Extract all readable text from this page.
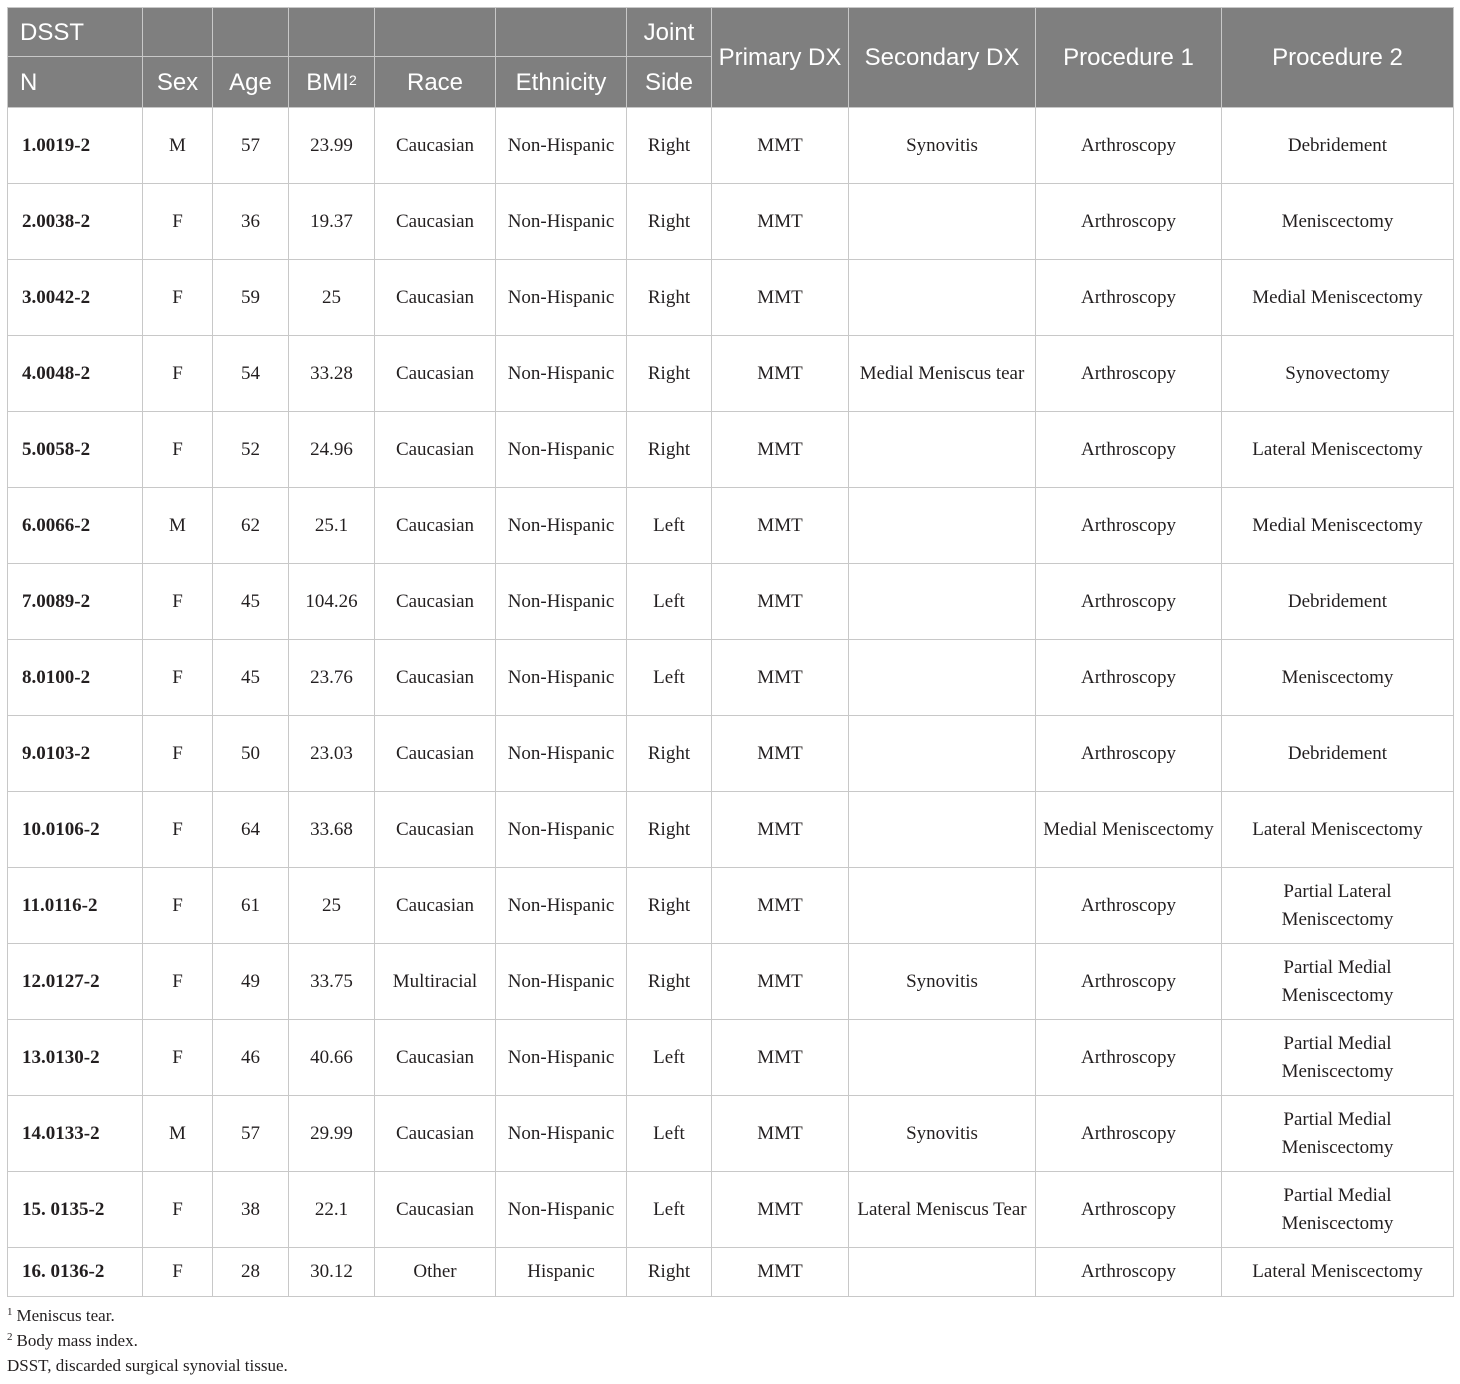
DSST						Joint	Primary DX	Secondary DX	Procedure 1	Procedure 2
N	Sex	Age	BMI$^2$	Race	Ethnicity	Side				
1.0019-2	M	57	23.99	Caucasian	Non-Hispanic	Right	MMT	Synovitis	Arthroscopy	Debridement
2.0038-2	F	36	19.37	Caucasian	Non-Hispanic	Right	MMT		Arthroscopy	Meniscectomy
3.0042-2	F	59	25	Caucasian	Non-Hispanic	Right	MMT		Arthroscopy	Medial Meniscectomy
4.0048-2	F	54	33.28	Caucasian	Non-Hispanic	Right	MMT	Medial Meniscus tear	Arthroscopy	Synovectomy
5.0058-2	F	52	24.96	Caucasian	Non-Hispanic	Right	MMT		Arthroscopy	Lateral Meniscectomy
6.0066-2	M	62	25.1	Caucasian	Non-Hispanic	Left	MMT		Arthroscopy	Medial Meniscectomy
7.0089-2	F	45	104.26	Caucasian	Non-Hispanic	Left	MMT		Arthroscopy	Debridement
8.0100-2	F	45	23.76	Caucasian	Non-Hispanic	Left	MMT		Arthroscopy	Meniscectomy
9.0103-2	F	50	23.03	Caucasian	Non-Hispanic	Right	MMT		Arthroscopy	Debridement
10.0106-2	F	64	33.68	Caucasian	Non-Hispanic	Right	MMT		Medial Meniscectomy	Lateral Meniscectomy
11.0116-2	F	61	25	Caucasian	Non-Hispanic	Right	MMT		Arthroscopy	Partial Lateral Meniscectomy
12.0127-2	F	49	33.75	Multiracial	Non-Hispanic	Right	MMT	Synovitis	Arthroscopy	Partial Medial Meniscectomy
13.0130-2	F	46	40.66	Caucasian	Non-Hispanic	Left	MMT		Arthroscopy	Partial Medial Meniscectomy
14.0133-2	M	57	29.99	Caucasian	Non-Hispanic	Left	MMT	Synovitis	Arthroscopy	Partial Medial Meniscectomy
15. 0135-2	F	38	22.1	Caucasian	Non-Hispanic	Left	MMT	Lateral Meniscus Tear	Arthroscopy	Partial Medial Meniscectomy
16. 0136-2	F	28	30.12	Other	Hispanic	Right	MMT		Arthroscopy	Lateral Meniscectomy
$^1$ Meniscus tear.
$^2$ Body mass index.
DSST, discarded surgical synovial tissue.
